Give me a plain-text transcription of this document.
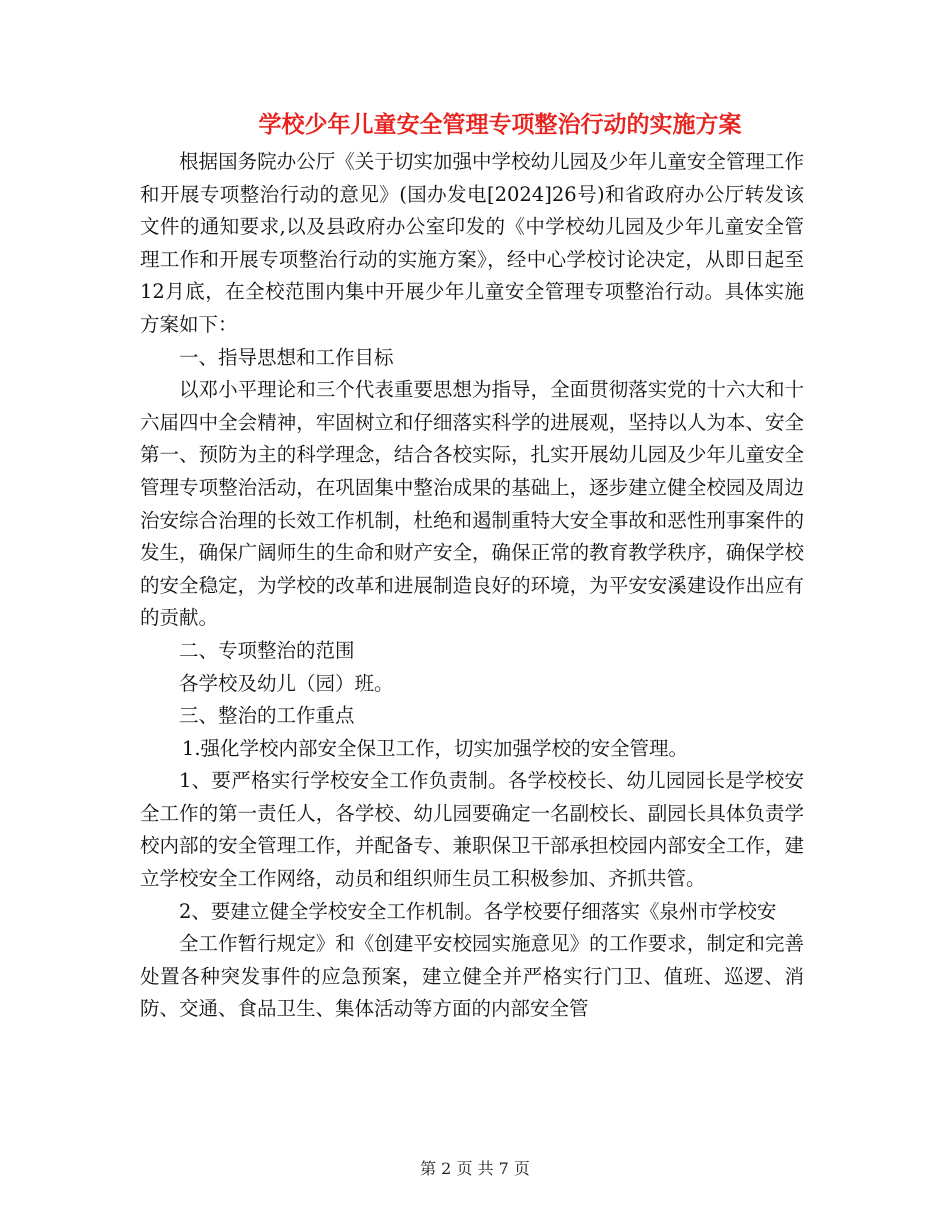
学校少年儿童安全管理专项整治行动的实施方案

根据国务院办公厅《关于切实加强中学校幼儿园及少年儿童安全管理工作和开展专项整治行动的意见》(国办发电[2024]26号)和省政府办公厅转发该文件的通知要求,以及县政府办公室印发的《中学校幼儿园及少年儿童安全管理工作和开展专项整治行动的实施方案》，经中心学校讨论决定，从即日起至12月底，在全校范围内集中开展少年儿童安全管理专项整治行动。具体实施方案如下：

一、指导思想和工作目标

以邓小平理论和三个代表重要思想为指导，全面贯彻落实党的十六大和十六届四中全会精神，牢固树立和仔细落实科学的进展观，坚持以人为本、安全第一、预防为主的科学理念，结合各校实际，扎实开展幼儿园及少年儿童安全管理专项整治活动，在巩固集中整治成果的基础上，逐步建立健全校园及周边治安综合治理的长效工作机制，杜绝和遏制重特大安全事故和恶性刑事案件的发生，确保广阔师生的生命和财产安全，确保正常的教育教学秩序，确保学校的安全稳定，为学校的改革和进展制造良好的环境，为平安安溪建设作出应有的贡献。

二、专项整治的范围

各学校及幼儿（园）班。

三、整治的工作重点

1.强化学校内部安全保卫工作，切实加强学校的安全管理。

1、要严格实行学校安全工作负责制。各学校校长、幼儿园园长是学校安全工作的第一责任人，各学校、幼儿园要确定一名副校长、副园长具体负责学校内部的安全管理工作，并配备专、兼职保卫干部承担校园内部安全工作，建立学校安全工作网络，动员和组织师生员工积极参加、齐抓共管。

2、要建立健全学校安全工作机制。各学校要仔细落实《泉州市学校安

全工作暂行规定》和《创建平安校园实施意见》的工作要求，制定和完善处置各种突发事件的应急预案，建立健全并严格实行门卫、值班、巡逻、消防、交通、食品卫生、集体活动等方面的内部安全管

第 2 页 共 7 页
